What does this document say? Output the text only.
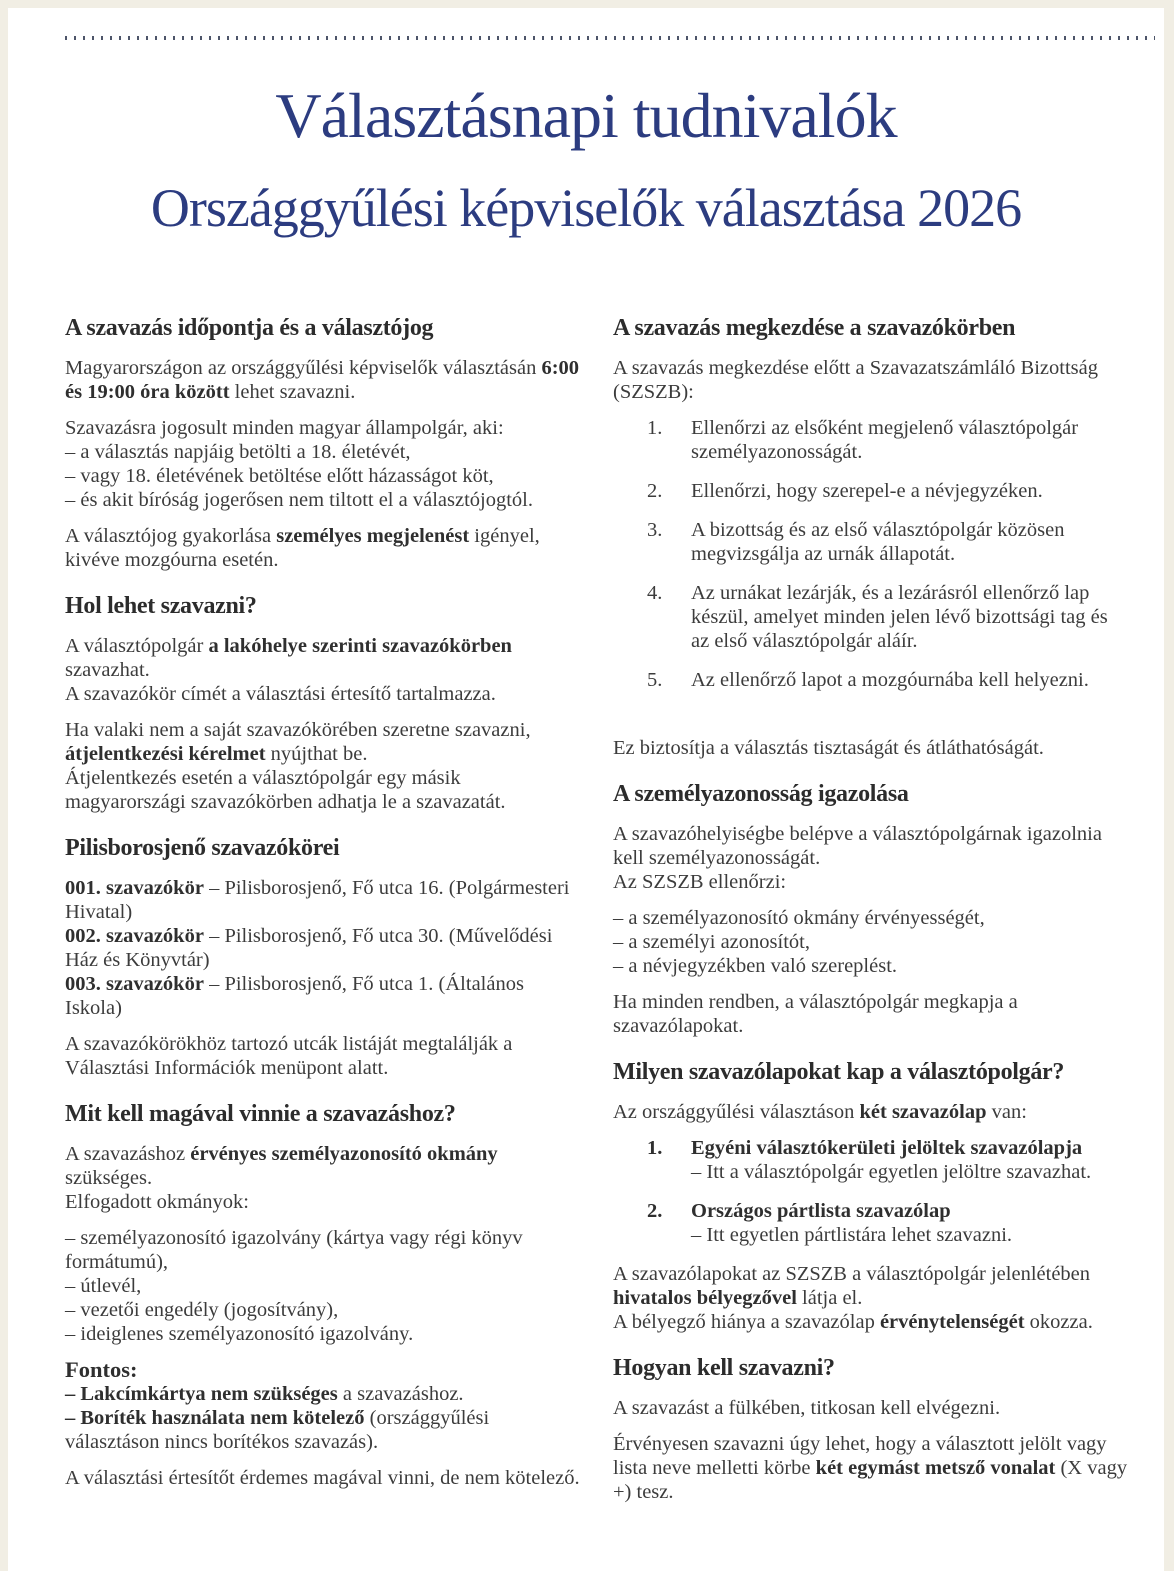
Választásnapi tudnivalók
Országgyűlési képviselők választása 2026
A szavazás időpontja és a választójog

Magyarországon az országgyűlési képviselők választásán 6:00 és 19:00 óra között lehet szavazni.

Szavazásra jogosult minden magyar állampolgár, aki:
– a választás napjáig betölti a 18. életévét,
– vagy 18. életévének betöltése előtt házasságot köt,
– és akit bíróság jogerősen nem tiltott el a választójogtól.

A választójog gyakorlása személyes megjelenést igényel, kivéve mozgóurna esetén.

Hol lehet szavazni?

A választópolgár a lakóhelye szerinti szavazókörben szavazhat.
A szavazókör címét a választási értesítő tartalmazza.

Ha valaki nem a saját szavazókörében szeretne szavazni, átjelentkezési kérelmet nyújthat be.
Átjelentkezés esetén a választópolgár egy másik magyarországi szavazókörben adhatja le a szavazatát.

Pilisborosjenő szavazókörei

001. szavazókör – Pilisborosjenő, Fő utca 16. (Polgármesteri Hivatal)
002. szavazókör – Pilisborosjenő, Fő utca 30. (Művelődési Ház és Könyvtár)
003. szavazókör – Pilisborosjenő, Fő utca 1. (Általános Iskola)

A szavazókörökhöz tartozó utcák listáját megtalálják a Választási Információk menüpont alatt.

Mit kell magával vinnie a szavazáshoz?

A szavazáshoz érvényes személyazonosító okmány szükséges.
Elfogadott okmányok:

– személyazonosító igazolvány (kártya vagy régi könyv formátumú),
– útlevél,
– vezetői engedély (jogosítvány),
– ideiglenes személyazonosító igazolvány.

Fontos:
– Lakcímkártya nem szükséges a szavazáshoz.
– Boríték használata nem kötelező (országgyűlési választáson nincs borítékos szavazás).

A választási értesítőt érdemes magával vinni, de nem kötelező.

A szavazás megkezdése a szavazókörben

A szavazás megkezdése előtt a Szavazatszámláló Bizottság (SZSZB):

1.	Ellenőrzi az elsőként megjelenő választópolgár személyazonosságát.
2.	Ellenőrzi, hogy szerepel-e a névjegyzéken.
3.	A bizottság és az első választópolgár közösen megvizsgálja az urnák állapotát.
4.	Az urnákat lezárják, és a lezárásról ellenőrző lap készül, amelyet minden jelen lévő bizottsági tag és az első választópolgár aláír.
5.	Az ellenőrző lapot a mozgóurnába kell helyezni.

Ez biztosítja a választás tisztaságát és átláthatóságát.

A személyazonosság igazolása

A szavazóhelyiségbe belépve a választópolgárnak igazolnia kell személyazonosságát.
Az SZSZB ellenőrzi:

– a személyazonosító okmány érvényességét,
– a személyi azonosítót,
– a névjegyzékben való szereplést.

Ha minden rendben, a választópolgár megkapja a szavazólapokat.

Milyen szavazólapokat kap a választópolgár?

Az országgyűlési választáson két szavazólap van:

1.	Egyéni választókerületi jelöltek szavazólapja
– Itt a választópolgár egyetlen jelöltre szavazhat.
2.	Országos pártlista szavazólap
– Itt egyetlen pártlistára lehet szavazni.

A szavazólapokat az SZSZB a választópolgár jelenlétében hivatalos bélyegzővel látja el.
A bélyegző hiánya a szavazólap érvénytelenségét okozza.

Hogyan kell szavazni?

A szavazást a fülkében, titkosan kell elvégezni.

Érvényesen szavazni úgy lehet, hogy a választott jelölt vagy lista neve melletti körbe két egymást metsző vonalat (X vagy +) tesz.
